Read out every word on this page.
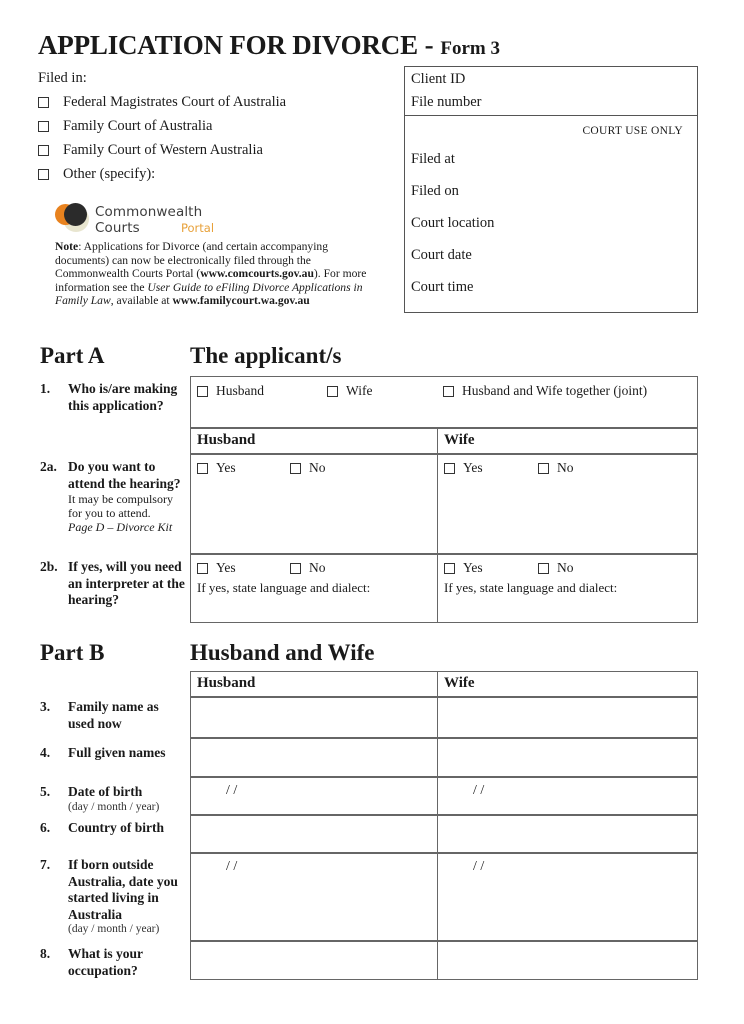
APPLICATION FOR DIVORCE - Form 3
Filed in:
Federal Magistrates Court of Australia
Family Court of Australia
Family Court of Western Australia
Other (specify):
Commonwealth Courts	Portal
Note: Applications for Divorce (and certain accompanying documents) can now be electronically filed through the Commonwealth Courts Portal (www.comcourts.gov.au). For more information see the User Guide to eFiling Divorce Applications in Family Law, available at www.familycourt.wa.gov.au
Client ID
File number
COURT USE ONLY
Filed at
Filed on
Court location
Court date
Court time
Part A	The applicant/s
1. Who is/are making this application?
Husband	Wife	Husband and Wife together (joint)
Husband	Wife
2a. Do you want to attend the hearing?
It may be compulsory for you to attend.
Page D – Divorce Kit
Yes	No	Yes	No
2b. If yes, will you need an interpreter at the hearing?
Yes	No	Yes	No
If yes, state language and dialect:	If yes, state language and dialect:
Part B	Husband and Wife
Husband	Wife
3. Family name as used now
4. Full given names
5. Date of birth
(day / month / year)
/ /	/ /
6. Country of birth
7. If born outside Australia, date you started living in Australia
(day / month / year)
/ /	/ /
8. What is your occupation?
